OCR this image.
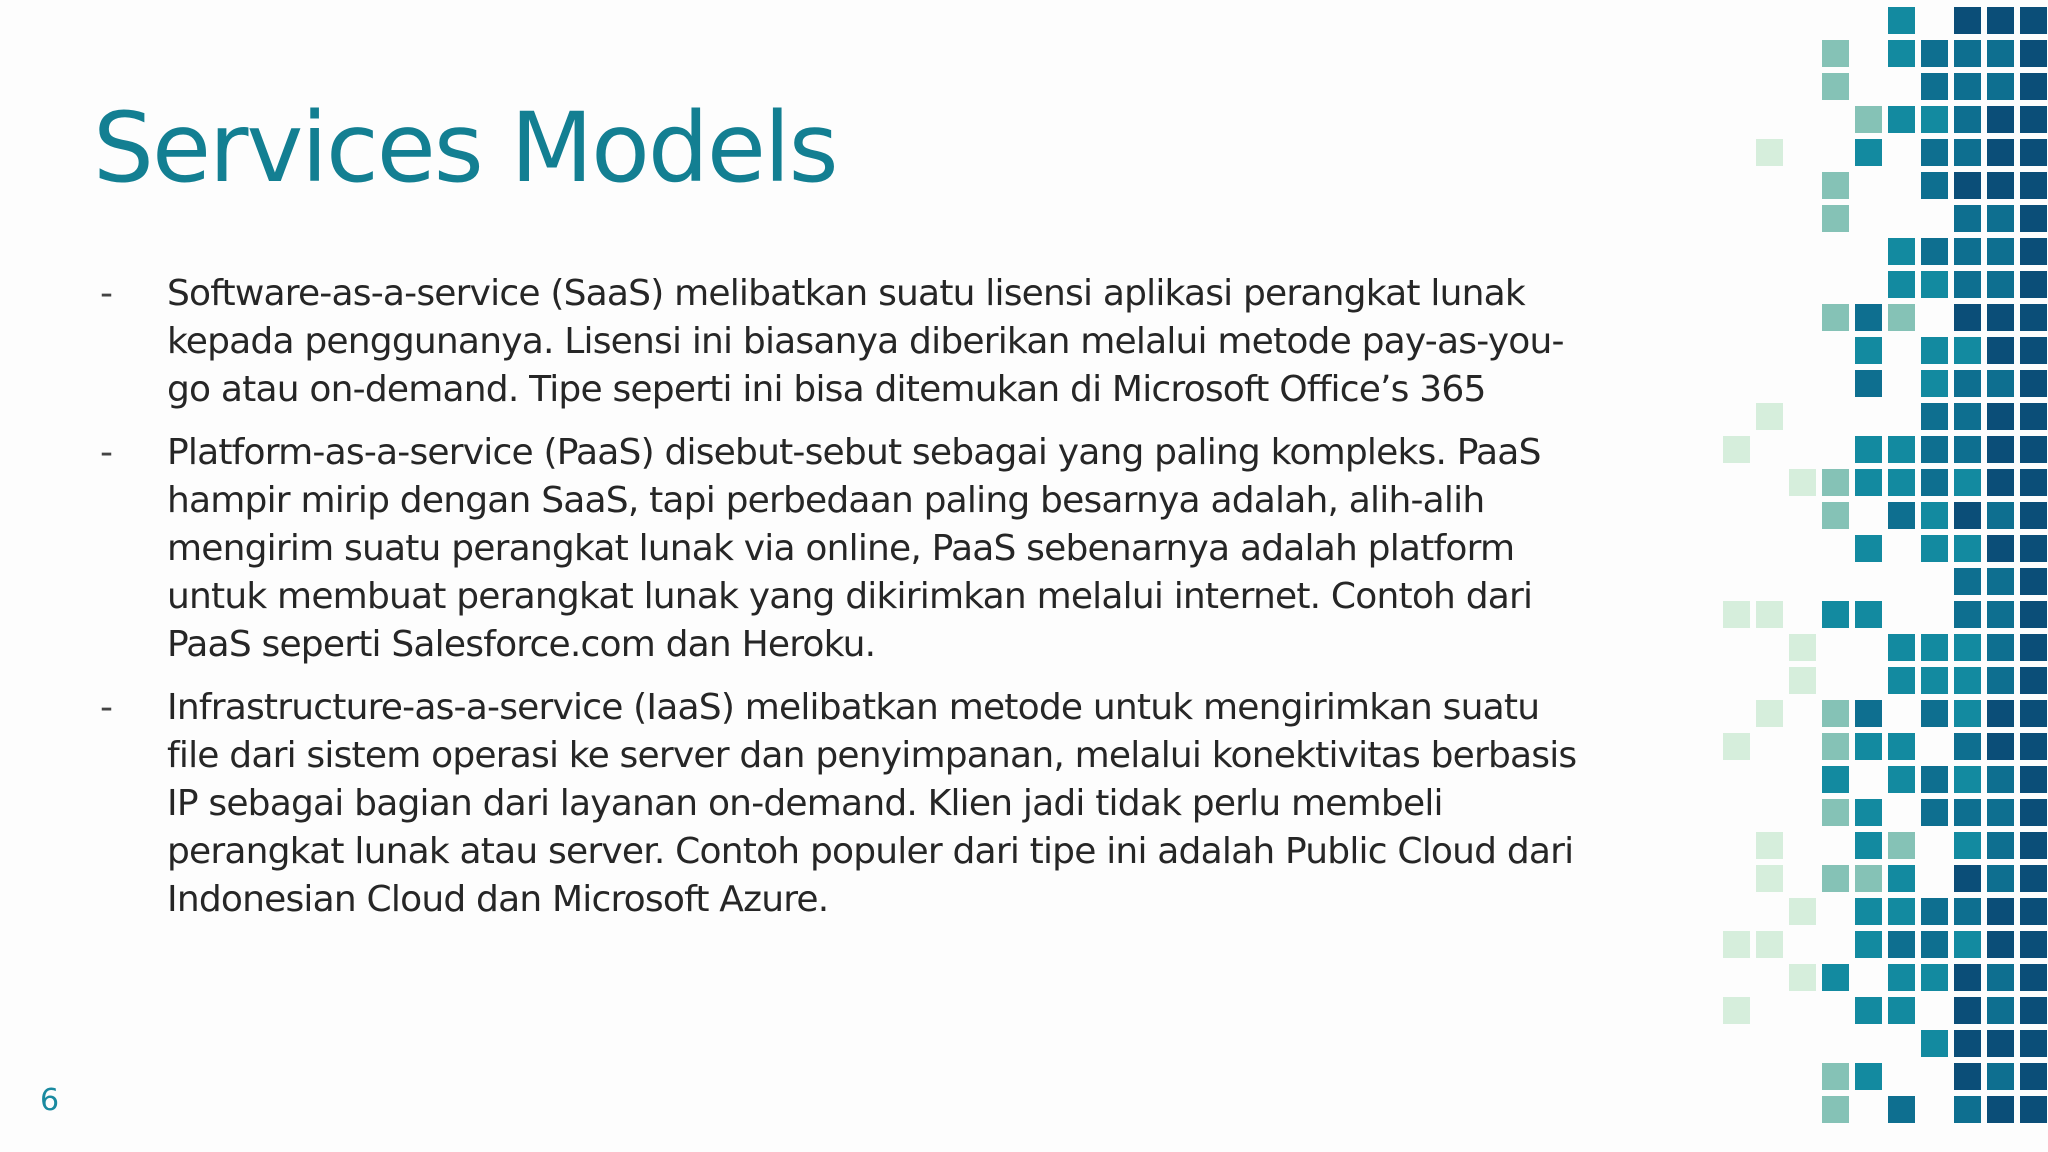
Services Models
-	Software-as-a-service (SaaS) melibatkan suatu lisensi aplikasi perangkat lunak kepada penggunanya. Lisensi ini biasanya diberikan melalui metode pay-as-you-go atau on-demand. Tipe seperti ini bisa ditemukan di Microsoft Office’s 365
-	Platform-as-a-service (PaaS) disebut-sebut sebagai yang paling kompleks. PaaS hampir mirip dengan SaaS, tapi perbedaan paling besarnya adalah, alih-alih mengirim suatu perangkat lunak via online, PaaS sebenarnya adalah platform untuk membuat perangkat lunak yang dikirimkan melalui internet. Contoh dari PaaS seperti Salesforce.com dan Heroku.
-	Infrastructure-as-a-service (IaaS) melibatkan metode untuk mengirimkan suatu file dari sistem operasi ke server dan penyimpanan, melalui konektivitas berbasis IP sebagai bagian dari layanan on-demand. Klien jadi tidak perlu membeli perangkat lunak atau server. Contoh populer dari tipe ini adalah Public Cloud dari Indonesian Cloud dan Microsoft Azure.
6
